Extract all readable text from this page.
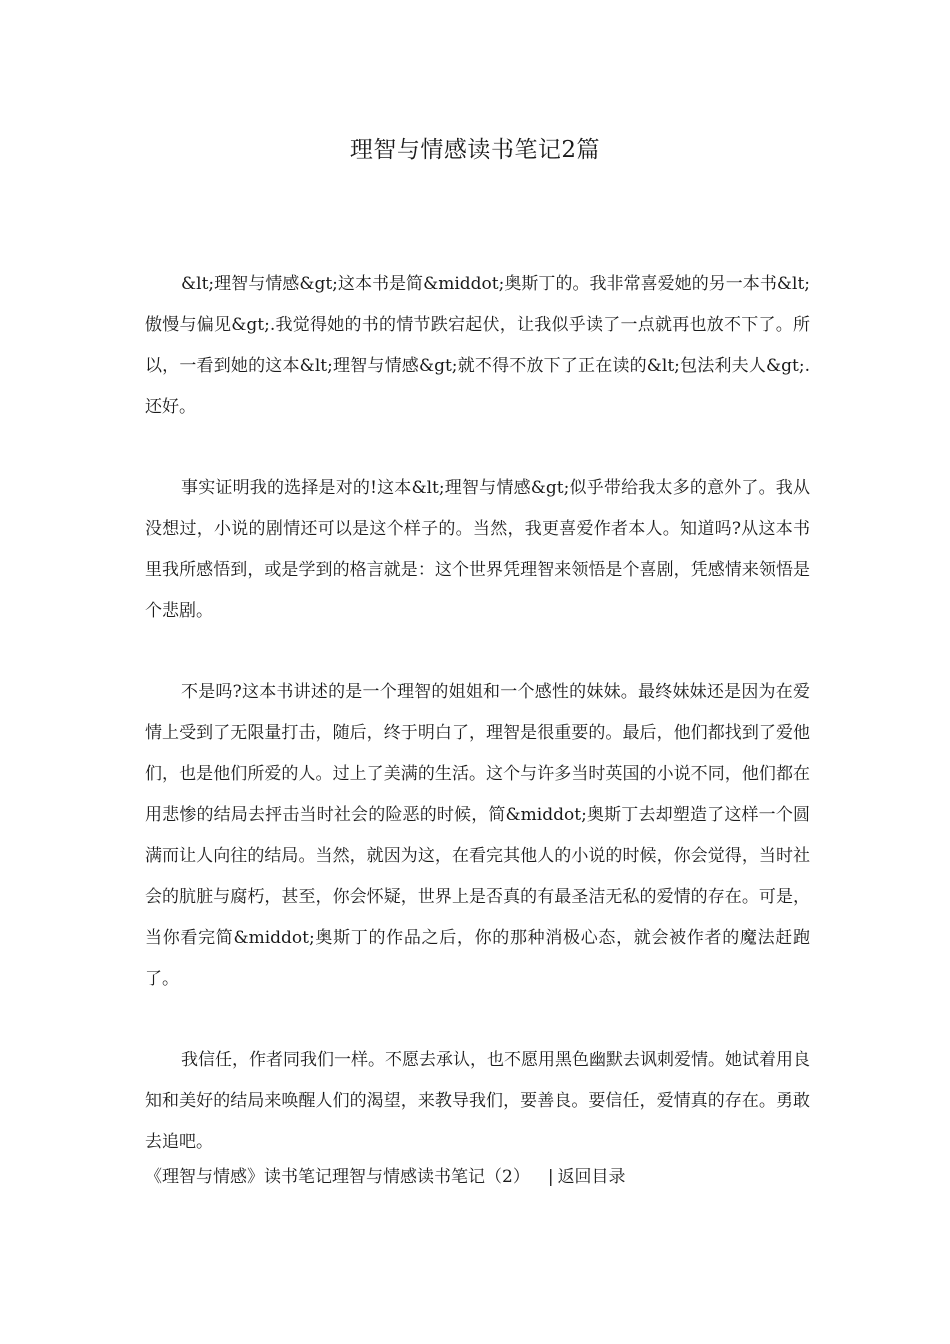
理智与情感读书笔记2篇

&lt;理智与情感&gt;这本书是简&middot;奥斯丁的。我非常喜爱她的另一本书&lt;傲慢与偏见&gt;.我觉得她的书的情节跌宕起伏，让我似乎读了一点就再也放不下了。所以，一看到她的这本&lt;理智与情感&gt;就不得不放下了正在读的&lt;包法利夫人&gt;.还好。

事实证明我的选择是对的!这本&lt;理智与情感&gt;似乎带给我太多的意外了。我从没想过，小说的剧情还可以是这个样子的。当然，我更喜爱作者本人。知道吗?从这本书里我所感悟到，或是学到的格言就是：这个世界凭理智来领悟是个喜剧，凭感情来领悟是个悲剧。

不是吗?这本书讲述的是一个理智的姐姐和一个感性的妹妹。最终妹妹还是因为在爱情上受到了无限量打击，随后，终于明白了，理智是很重要的。最后，他们都找到了爱他们，也是他们所爱的人。过上了美满的生活。这个与许多当时英国的小说不同，他们都在用悲惨的结局去抨击当时社会的险恶的时候，简&middot;奥斯丁去却塑造了这样一个圆满而让人向往的结局。当然，就因为这，在看完其他人的小说的时候，你会觉得，当时社会的肮脏与腐朽，甚至，你会怀疑，世界上是否真的有最圣洁无私的爱情的存在。可是，当你看完简&middot;奥斯丁的作品之后，你的那种消极心态，就会被作者的魔法赶跑了。

我信任，作者同我们一样。不愿去承认，也不愿用黑色幽默去讽刺爱情。她试着用良知和美好的结局来唤醒人们的渴望，来教导我们，要善良。要信任，爱情真的存在。勇敢去追吧。

《理智与情感》读书笔记理智与情感读书笔记（2） | 返回目录
